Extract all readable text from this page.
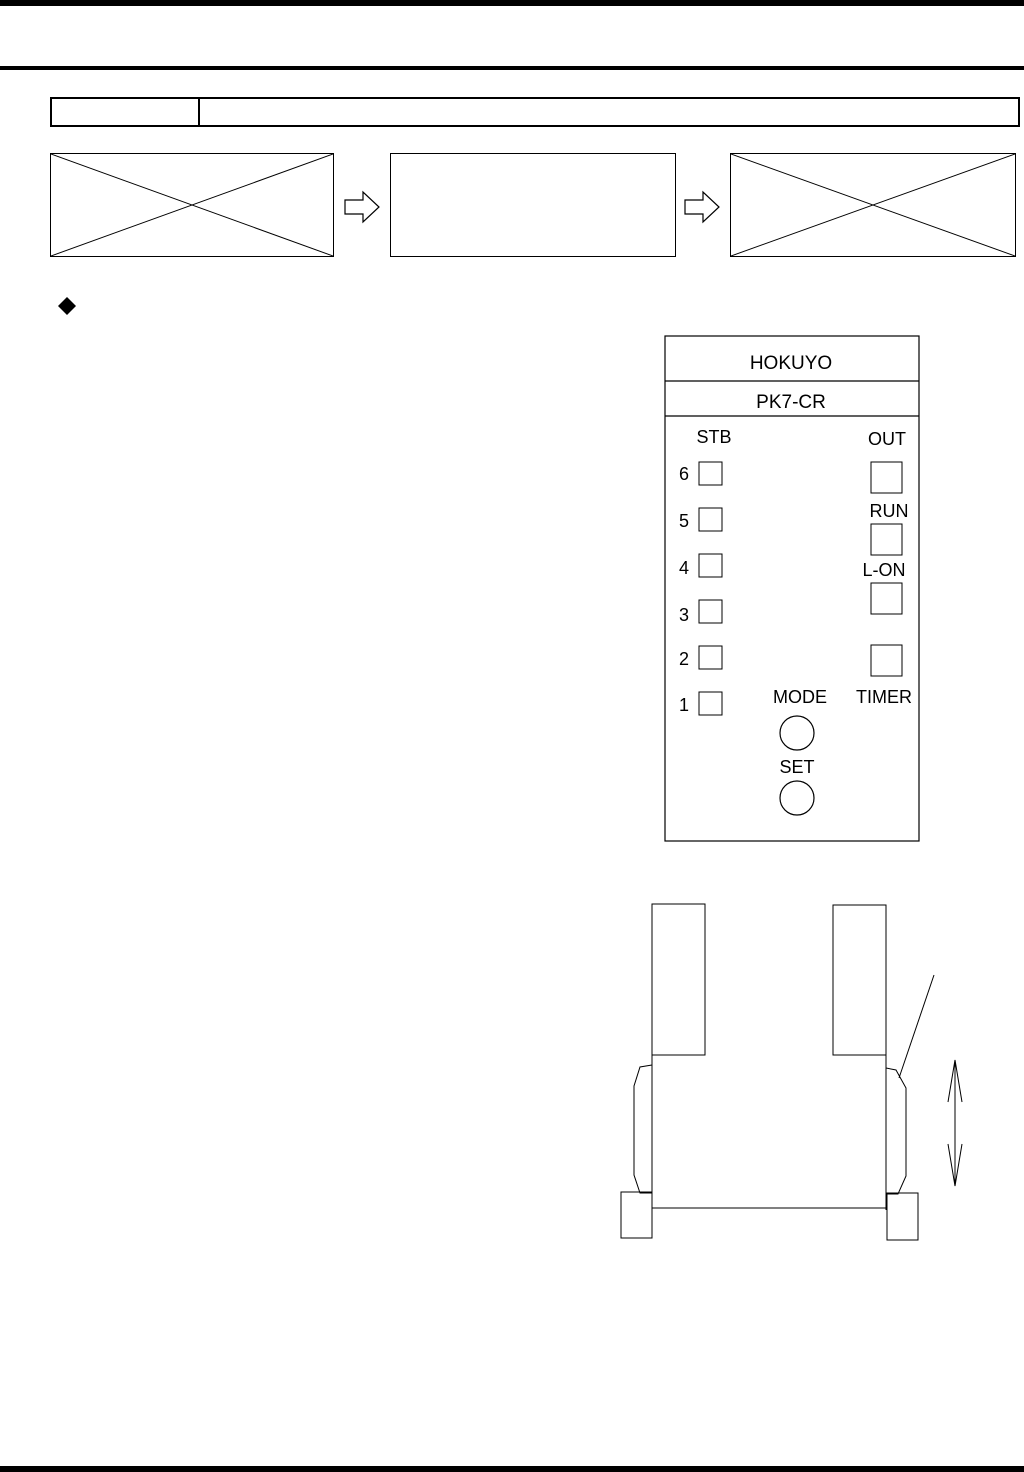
HOKUYO
PK7-CR
STB	OUT
6
5
4
3
2
1
RUN
L-ON
TIMER
MODE
SET
